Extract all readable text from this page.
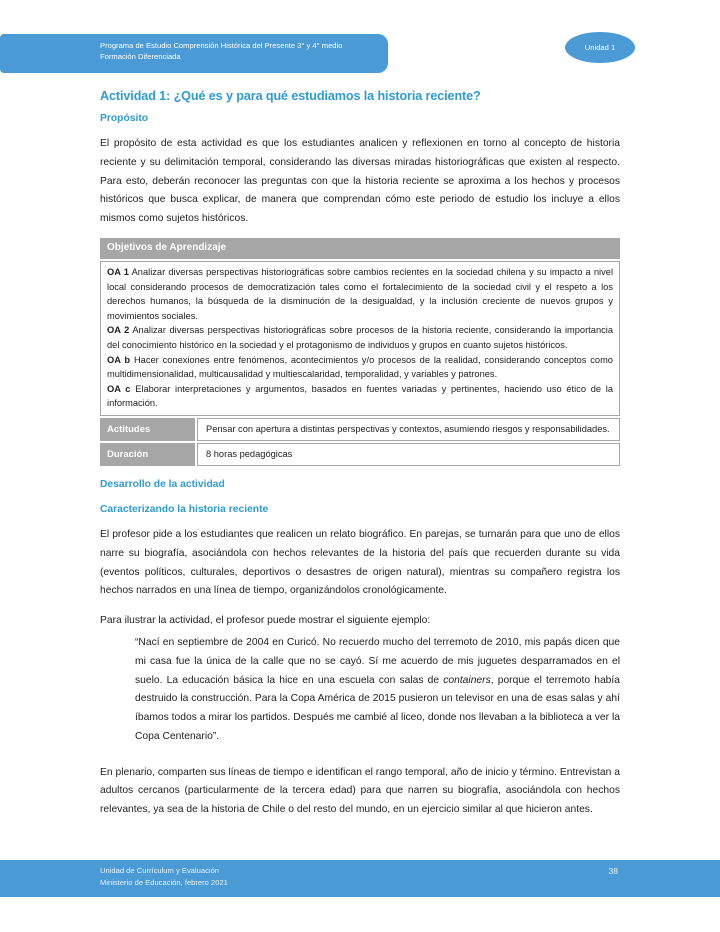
Programa de Estudio Comprensión Histórica del Presente 3° y 4° medio
Formación Diferenciada
Unidad 1
Actividad 1: ¿Qué es y para qué estudiamos la historia reciente?
Propósito

El propósito de esta actividad es que los estudiantes analicen y reflexionen en torno al concepto de historia reciente y su delimitación temporal, considerando las diversas miradas historiográficas que existen al respecto. Para esto, deberán reconocer las preguntas con que la historia reciente se aproxima a los hechos y procesos históricos que busca explicar, de manera que comprendan cómo este periodo de estudio los incluye a ellos mismos como sujetos históricos.

Objetivos de Aprendizaje
OA 1 Analizar diversas perspectivas historiográficas sobre cambios recientes en la sociedad chilena y su impacto a nivel local considerando procesos de democratización tales como el fortalecimiento de la sociedad civil y el respeto a los derechos humanos, la búsqueda de la disminución de la desigualdad, y la inclusión creciente de nuevos grupos y movimientos sociales.
OA 2 Analizar diversas perspectivas historiográficas sobre procesos de la historia reciente, considerando la importancia del conocimiento histórico en la sociedad y el protagonismo de individuos y grupos en cuanto sujetos históricos.
OA b Hacer conexiones entre fenómenos, acontecimientos y/o procesos de la realidad, considerando conceptos como multidimensionalidad, multicausalidad y multiescalaridad, temporalidad, y variables y patrones.
OA c Elaborar interpretaciones y argumentos, basados en fuentes variadas y pertinentes, haciendo uso ético de la información.
Actitudes	Pensar con apertura a distintas perspectivas y contextos, asumiendo riesgos y responsabilidades.
Duración	8 horas pedagógicas
Desarrollo de la actividad
Caracterizando la historia reciente

El profesor pide a los estudiantes que realicen un relato biográfico. En parejas, se turnarán para que uno de ellos narre su biografía, asociándola con hechos relevantes de la historia del país que recuerden durante su vida (eventos políticos, culturales, deportivos o desastres de origen natural), mientras su compañero registra los hechos narrados en una línea de tiempo, organizándolos cronológicamente.

Para ilustrar la actividad, el profesor puede mostrar el siguiente ejemplo:

“Nací en septiembre de 2004 en Curicó. No recuerdo mucho del terremoto de 2010, mis papás dicen que mi casa fue la única de la calle que no se cayó. Sí me acuerdo de mis juguetes desparramados en el suelo. La educación básica la hice en una escuela con salas de containers, porque el terremoto había destruido la construcción. Para la Copa América de 2015 pusieron un televisor en una de esas salas y ahí íbamos todos a mirar los partidos. Después me cambié al liceo, donde nos llevaban a la biblioteca a ver la Copa Centenario”.

En plenario, comparten sus líneas de tiempo e identifican el rango temporal, año de inicio y término. Entrevistan a adultos cercanos (particularmente de la tercera edad) para que narren su biografía, asociándola con hechos relevantes, ya sea de la historia de Chile o del resto del mundo, en un ejercicio similar al que hicieron antes.

Unidad de Currículum y Evaluación
Ministerio de Educación, febrero 2021
38
